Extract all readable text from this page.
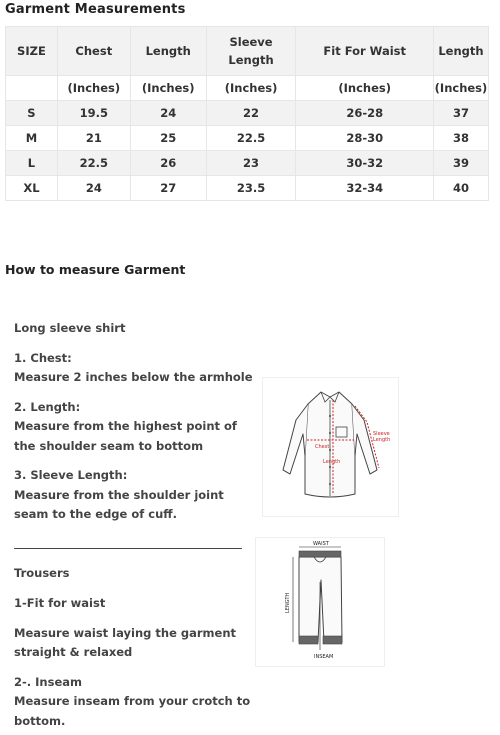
Garment Measurements
SIZE	Chest	Length	Sleeve Length	Fit For Waist	Length
	(Inches)	(Inches)	(Inches)	(Inches)	(Inches)
S	19.5	24	22	26-28	37
M	21	25	22.5	28-30	38
L	22.5	26	23	30-32	39
XL	24	27	23.5	32-34	40
How to measure Garment
Long sleeve shirt
1. Chest:
Measure 2 inches below the armhole
2. Length:
Measure from the highest point of
the shoulder seam to bottom
3. Sleeve Length:
Measure from the shoulder joint
seam to the edge of cuff.
Trousers
1-Fit for waist
Measure waist laying the garment
straight & relaxed
2-. Inseam
Measure inseam from your crotch to
bottom.
Chest
Length
Sleeve
Length
WAIST
INSEAM
LENGTH
